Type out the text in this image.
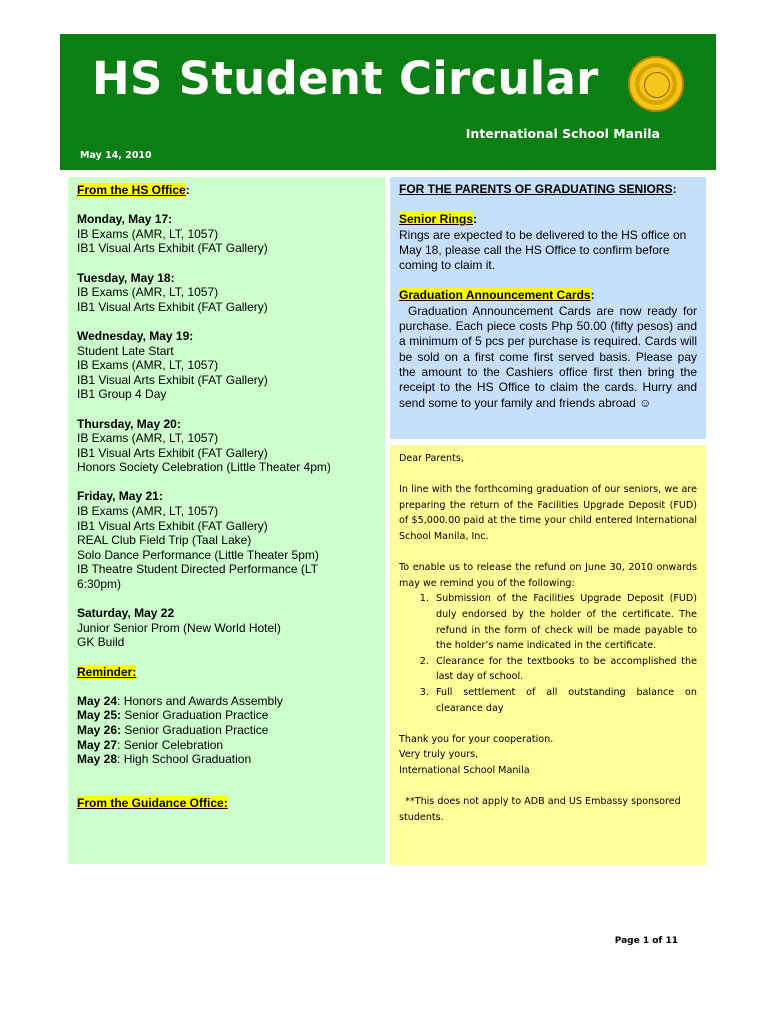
HS Student Circular

International School Manila

May 14, 2010

From the HS Office:
Monday, May 17:
IB Exams (AMR, LT, 1057)
IB1 Visual Arts Exhibit (FAT Gallery)
Tuesday, May 18:
IB Exams (AMR, LT, 1057)
IB1 Visual Arts Exhibit (FAT Gallery)
Wednesday, May 19:
Student Late Start
IB Exams (AMR, LT, 1057)
IB1 Visual Arts Exhibit (FAT Gallery)
IB1 Group 4 Day
Thursday, May 20:
IB Exams (AMR, LT, 1057)
IB1 Visual Arts Exhibit (FAT Gallery)
Honors Society Celebration (Little Theater 4pm)
Friday, May 21:
IB Exams (AMR, LT, 1057)
IB1 Visual Arts Exhibit (FAT Gallery)
REAL Club Field Trip (Taal Lake)
Solo Dance Performance (Little Theater 5pm)
IB Theatre Student Directed Performance (LT
6:30pm)
Saturday, May 22
Junior Senior Prom (New World Hotel)
GK Build
Reminder:
May 24: Honors and Awards Assembly
May 25: Senior Graduation Practice
May 26: Senior Graduation Practice
May 27: Senior Celebration
May 28: High School Graduation
From the Guidance Office:
FOR THE PARENTS OF GRADUATING SENIORS:
Senior Rings:
Rings are expected to be delivered to the HS office on May 18, please call the HS Office to confirm before coming to claim it.
Graduation Announcement Cards:
Graduation Announcement Cards are now ready for purchase. Each piece costs Php 50.00 (fifty pesos) and a minimum of 5 pcs per purchase is required. Cards will be sold on a first come first served basis. Please pay the amount to the Cashiers office first then bring the receipt to the HS Office to claim the cards. Hurry and send some to your family and friends abroad ☺
Dear Parents,
In line with the forthcoming graduation of our seniors, we are preparing the return of the Facilities Upgrade Deposit (FUD) of $5,000.00 paid at the time your child entered International School Manila, Inc.
To enable us to release the refund on June 30, 2010 onwards may we remind you of the following:
1. Submission of the Facilities Upgrade Deposit (FUD) duly endorsed by the holder of the certificate. The refund in the form of check will be made payable to the holder’s name indicated in the certificate.
2. Clearance for the textbooks to be accomplished the last day of school.
3. Full settlement of all outstanding balance on clearance day
Thank you for your cooperation.
Very truly yours,
International School Manila
**This does not apply to ADB and US Embassy sponsored students.

Page 1 of 11
